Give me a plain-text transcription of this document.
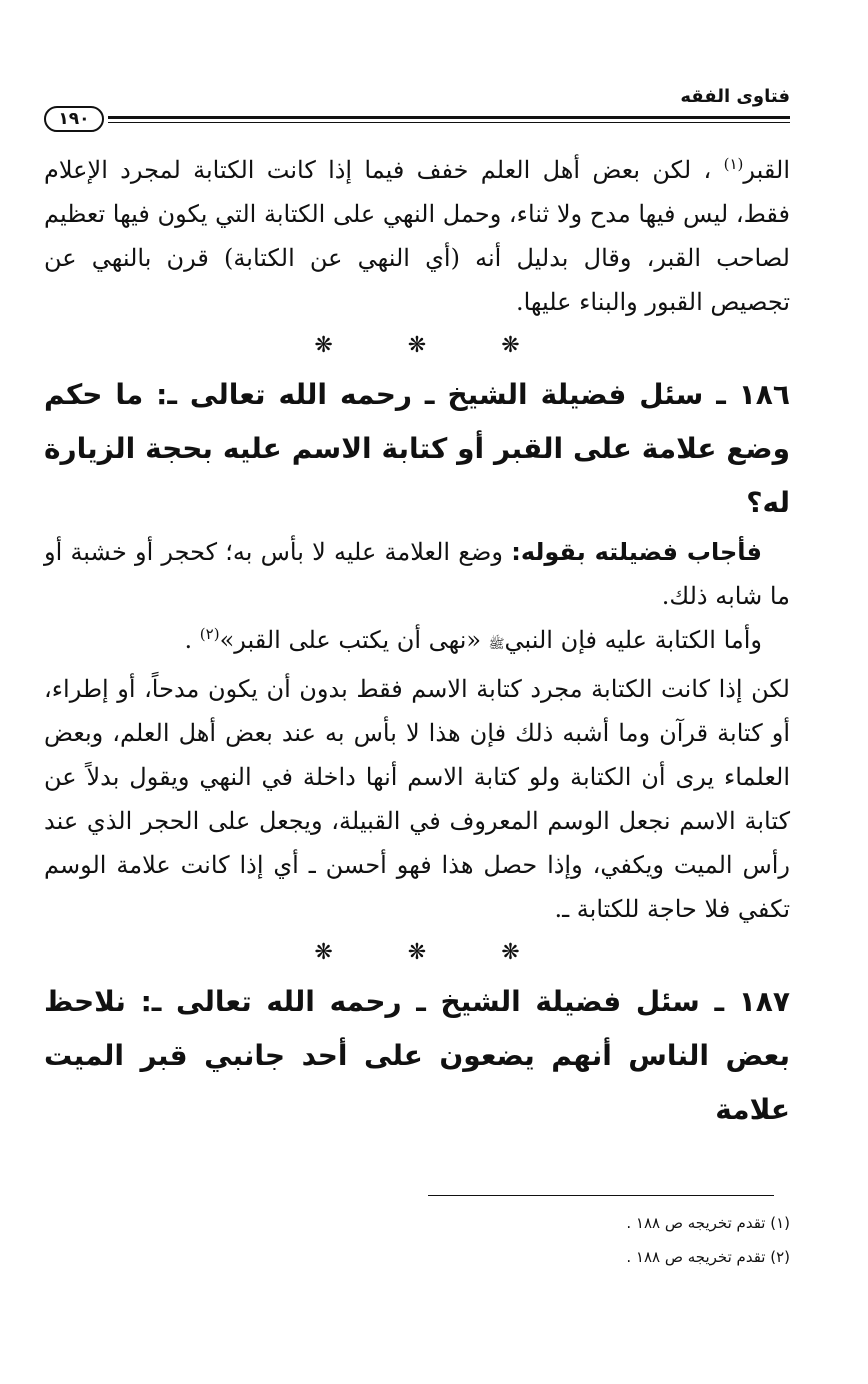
فتاوى الفقه
١٩٠

القبر$^{(١)}$ ، لكن بعض أهل العلم خفف فيما إذا كانت الكتابة لمجرد الإعلام فقط، ليس فيها مدح ولا ثناء، وحمل النهي على الكتابة التي يكون فيها تعظيم لصاحب القبر، وقال بدليل أنه (أي النهي عن الكتابة) قرن بالنهي عن تجصيص القبور والبناء عليها.

❋ ❋ ❋

١٨٦ ـ سئل فضيلة الشيخ ـ رحمه الله تعالى ـ: ما حكم وضع علامة على القبر أو كتابة الاسم عليه بحجة الزيارة له؟

فأجاب فضيلته بقوله: وضع العلامة عليه لا بأس به؛ كحجر أو خشبة أو ما شابه ذلك.

وأما الكتابة عليه فإن النبيﷺ «نهى أن يكتب على القبر»$^{(٢)}$ .

لكن إذا كانت الكتابة مجرد كتابة الاسم فقط بدون أن يكون مدحاً، أو إطراء، أو كتابة قرآن وما أشبه ذلك فإن هذا لا بأس به عند بعض أهل العلم، وبعض العلماء يرى أن الكتابة ولو كتابة الاسم أنها داخلة في النهي ويقول بدلاً عن كتابة الاسم نجعل الوسم المعروف في القبيلة، ويجعل على الحجر الذي عند رأس الميت ويكفي، وإذا حصل هذا فهو أحسن ـ أي إذا كانت علامة الوسم تكفي فلا حاجة للكتابة ـ.

❋ ❋ ❋

١٨٧ ـ سئل فضيلة الشيخ ـ رحمه الله تعالى ـ: نلاحظ بعض الناس أنهم يضعون على أحد جانبي قبر الميت علامة

(١) تقدم تخريجه ص ١٨٨ .

(٢) تقدم تخريجه ص ١٨٨ .
